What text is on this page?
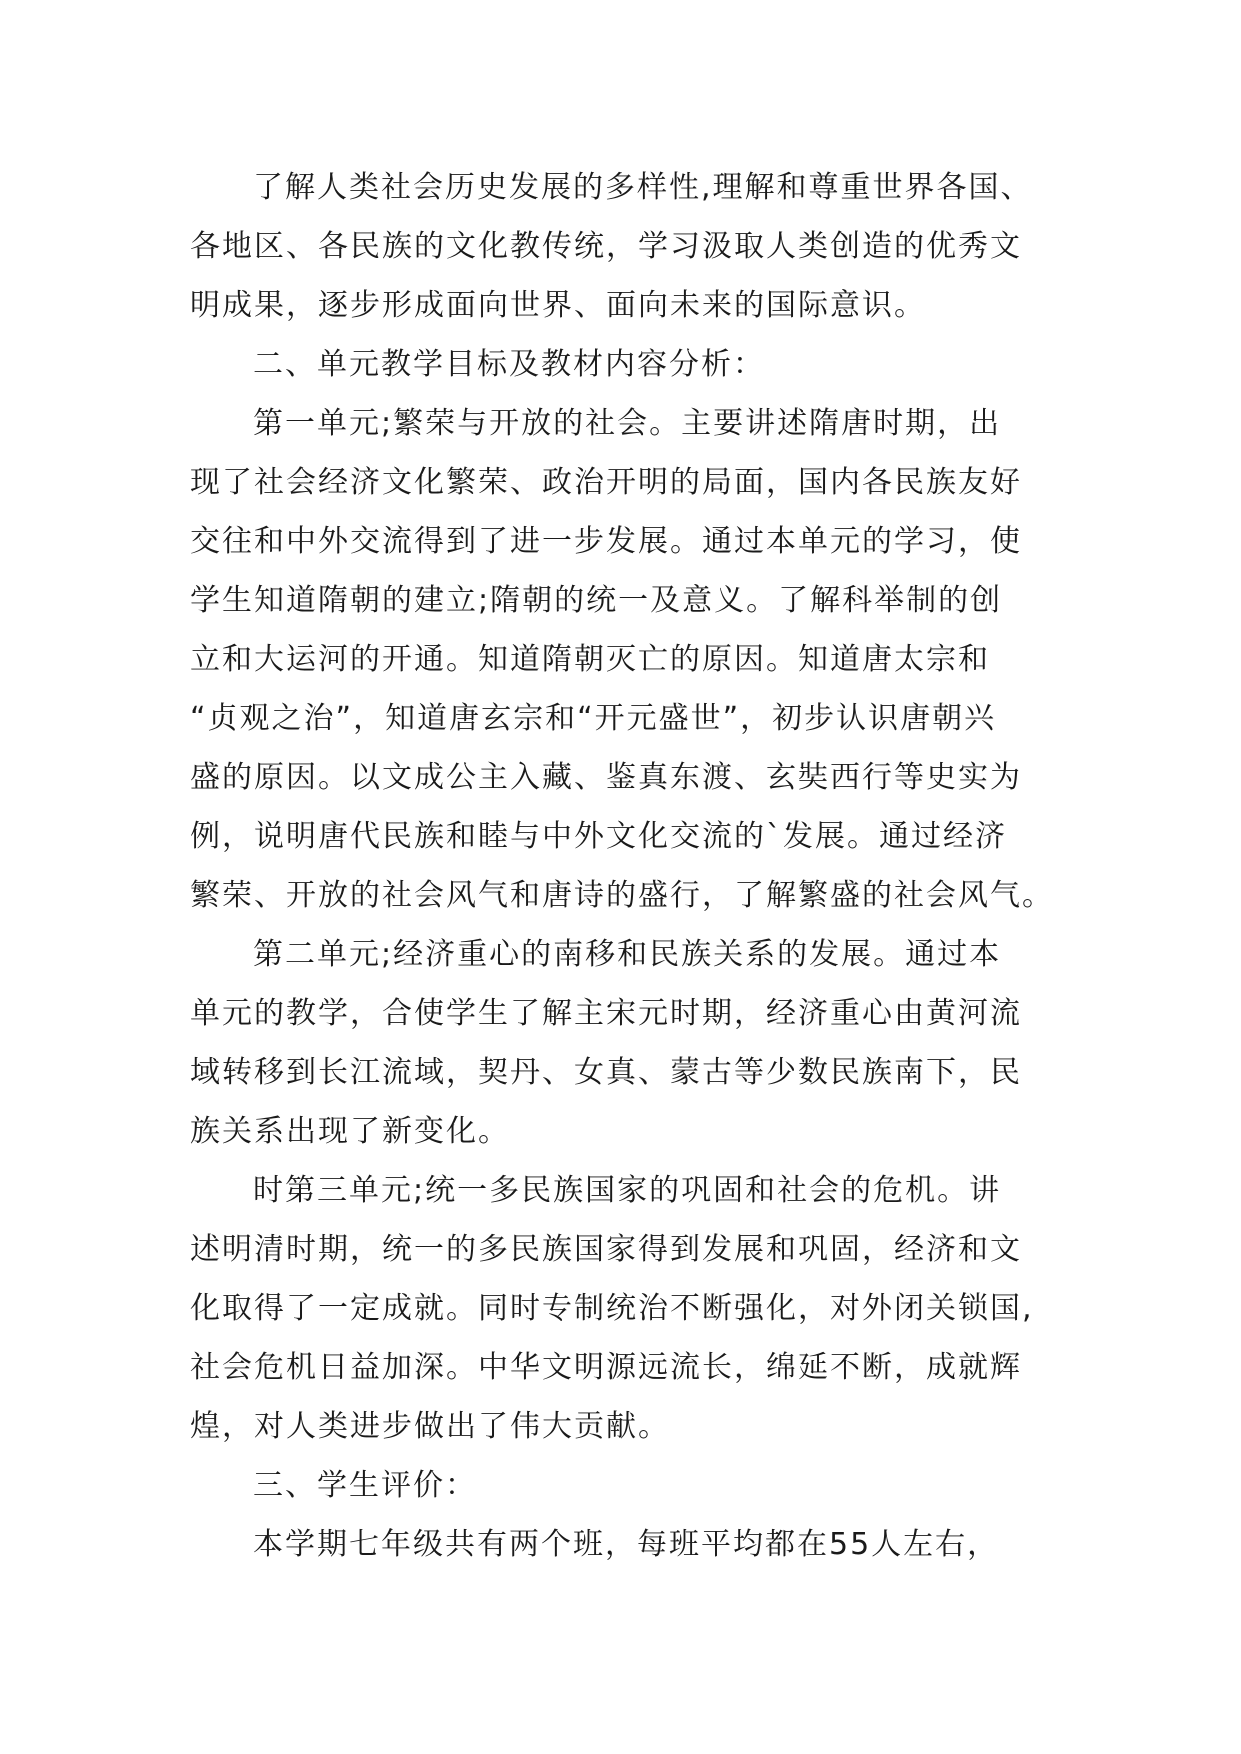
了解人类社会历史发展的多样性,理解和尊重世界各国、
各地区、各民族的文化教传统，学习汲取人类创造的优秀文
明成果，逐步形成面向世界、面向未来的国际意识。
二、单元教学目标及教材内容分析：
第一单元;繁荣与开放的社会。主要讲述隋唐时期，出
现了社会经济文化繁荣、政治开明的局面，国内各民族友好
交往和中外交流得到了进一步发展。通过本单元的学习，使
学生知道隋朝的建立;隋朝的统一及意义。了解科举制的创
立和大运河的开通。知道隋朝灭亡的原因。知道唐太宗和
“贞观之治”，知道唐玄宗和“开元盛世”，初步认识唐朝兴
盛的原因。以文成公主入藏、鉴真东渡、玄奘西行等史实为
例，说明唐代民族和睦与中外文化交流的`发展。通过经济
繁荣、开放的社会风气和唐诗的盛行，了解繁盛的社会风气。
第二单元;经济重心的南移和民族关系的发展。通过本
单元的教学，合使学生了解主宋元时期，经济重心由黄河流
域转移到长江流域，契丹、女真、蒙古等少数民族南下，民
族关系出现了新变化。
时第三单元;统一多民族国家的巩固和社会的危机。讲
述明清时期，统一的多民族国家得到发展和巩固，经济和文
化取得了一定成就。同时专制统治不断强化，对外闭关锁国,
社会危机日益加深。中华文明源远流长，绵延不断，成就辉
煌，对人类进步做出了伟大贡献。
三、学生评价：
本学期七年级共有两个班，每班平均都在55人左右，
